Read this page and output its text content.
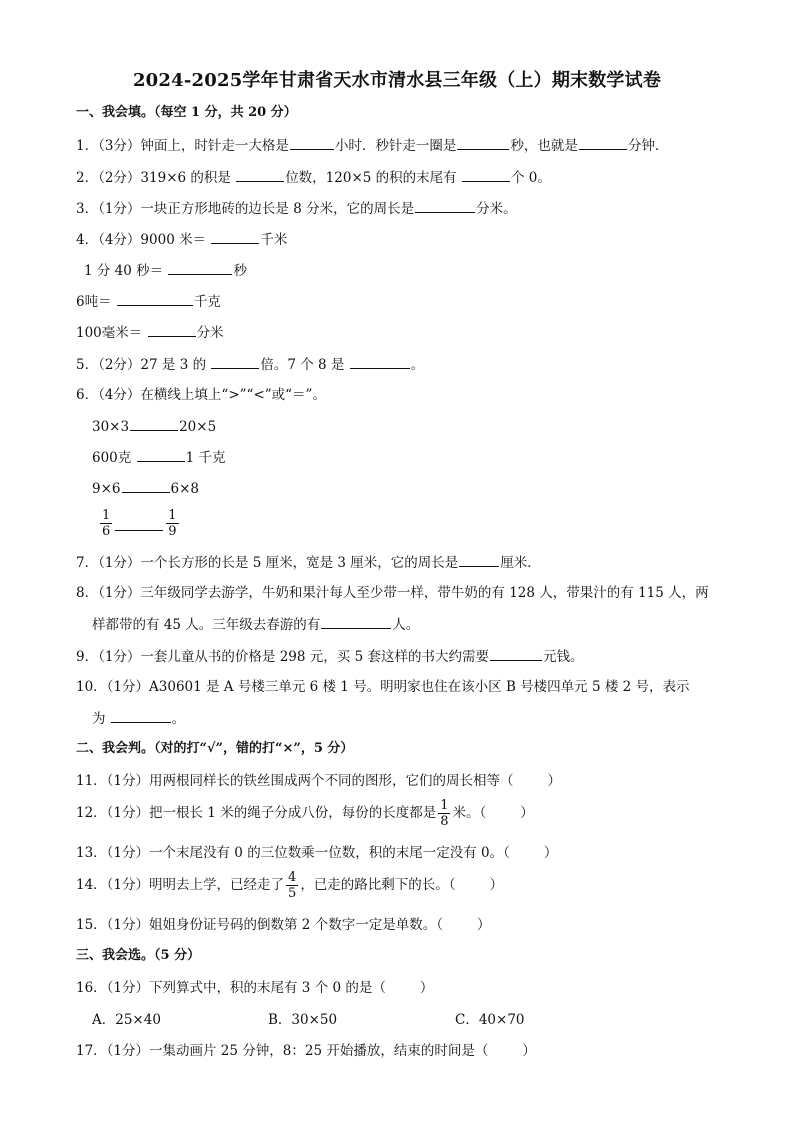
2024-2025学年甘肃省天水市清水县三年级（上）期末数学试卷
一、我会填。（每空 1 分，共 20 分）
1．（3分）钟面上，时针走一大格是	小时．秒针走一圈是	秒，也就是	分钟．
2．（2分）319×6 的积是	位数，120×5 的积的末尾有	个 0。
3．（1分）一块正方形地砖的边长是 8 分米，它的周长是	分米。
4．（4分）9000 米＝	千米
1 分 40 秒＝	秒
6吨＝	千克
100毫米＝	分米
5．（2分）27 是 3 的	倍。7 个 8 是	。
6．（4分）在横线上填上“>”“<”或“＝”。
30×3	20×5
600克	1 千克
9×6	6×8
$\frac{1}{6}$	$\frac{1}{9}$
7．（1分）一个长方形的长是 5 厘米，宽是 3 厘米，它的周长是	厘米．
8．（1分）三年级同学去游学，牛奶和果汁每人至少带一样，带牛奶的有 128 人，带果汁的有 115 人，两
样都带的有 45 人。三年级去春游的有	人。
9．（1分）一套儿童从书的价格是 298 元，买 5 套这样的书大约需要	元钱。
10．（1分）A30601 是 A 号楼三单元 6 楼 1 号。明明家也住在该小区 B 号楼四单元 5 楼 2 号，表示
为	。
二、我会判。（对的打“√”，错的打“×”，5 分）
11．（1分）用两根同样长的铁丝围成两个不同的图形，它们的周长相等（	）
12．（1分）把一根长 1 米的绳子分成八份，每份的长度都是 $\frac{1}{8}$ 米。（	）
13．（1分）一个末尾没有 0 的三位数乘一位数，积的末尾一定没有 0。（	）
14．（1分）明明去上学，已经走了 $\frac{4}{5}$ ，已走的路比剩下的长。（	）
15．（1分）姐姐身份证号码的倒数第 2 个数字一定是单数。（	）
三、我会选。（5 分）
16．（1分）下列算式中，积的末尾有 3 个 0 的是（	）
A．25×40	B．30×50	C．40×70
17．（1分）一集动画片 25 分钟，8：25 开始播放，结束的时间是（	）
